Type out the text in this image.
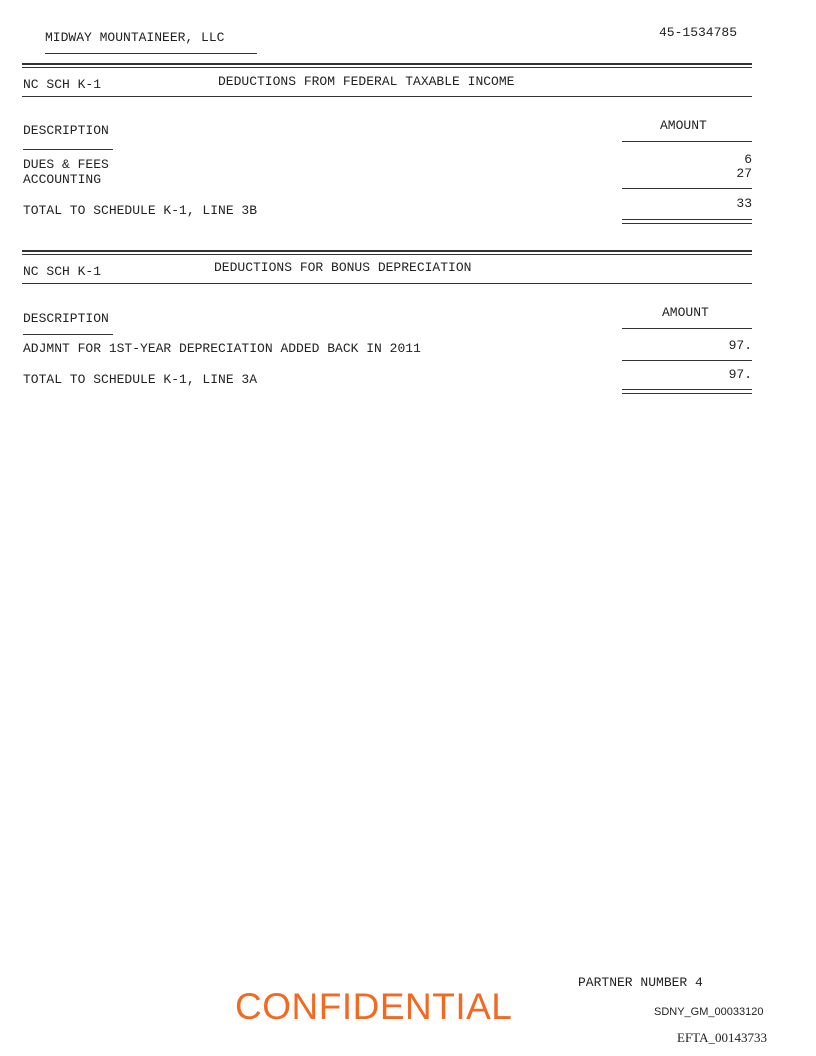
MIDWAY MOUNTAINEER, LLC	45-1534785
NC SCH K-1	DEDUCTIONS FROM FEDERAL TAXABLE INCOME
DESCRIPTION	AMOUNT
DUES & FEES	6
ACCOUNTING	27
TOTAL TO SCHEDULE K-1, LINE 3B	33
NC SCH K-1	DEDUCTIONS FOR BONUS DEPRECIATION
DESCRIPTION	AMOUNT
ADJMNT FOR 1ST-YEAR DEPRECIATION ADDED BACK IN 2011	97.
TOTAL TO SCHEDULE K-1, LINE 3A	97.
CONFIDENTIAL
PARTNER NUMBER 4
SDNY_GM_00033120
EFTA_00143733
